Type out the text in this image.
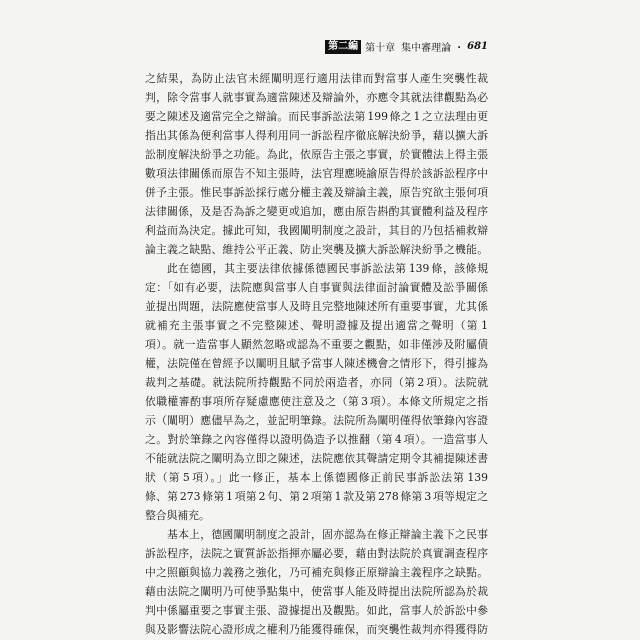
第二編 第十章 集中審理論 ・ 681
之結果，為防止法官未經闡明逕行適用法律而對當事人產生突襲性裁
判，除令當事人就事實為適當陳述及辯論外，亦應令其就法律觀點為必
要之陳述及適當完全之辯論。而民事訴訟法第 199 條之 1 之立法理由更
指出其係為便利當事人得利用同一訴訟程序徹底解決紛爭，藉以擴大訴
訟制度解決紛爭之功能。為此，依原告主張之事實，於實體法上得主張
數項法律關係而原告不知主張時，法官理應曉諭原告得於該訴訟程序中
併予主張。惟民事訴訟採行處分權主義及辯論主義，原告究欲主張何項
法律關係，及是否為訴之變更或追加，應由原告斟酌其實體利益及程序
利益而為決定。據此可知，我國闡明制度之設計，其目的乃包括補救辯
論主義之缺點、維持公平正義、防止突襲及擴大訴訟解決紛爭之機能。
此在德國，其主要法律依據係德國民事訴訟法第 139 條，該條規
定：「如有必要，法院應與當事人自事實與法律面討論實體及訟爭關係
並提出問題，法院應使當事人及時且完整地陳述所有重要事實，尤其係
就補充主張事實之不完整陳述、聲明證據及提出適當之聲明（第 1
項）。就一造當事人顯然忽略或認為不重要之觀點，如非僅涉及附屬債
權，法院僅在曾經予以闡明且賦予當事人陳述機會之情形下，得引據為
裁判之基礎。就法院所持觀點不同於兩造者，亦同（第 2 項）。法院就
依職權審酌事項所存疑慮應使注意及之（第 3 項）。本條文所規定之指
示（闡明）應儘早為之，並記明筆錄。法院所為闡明僅得依筆錄內容證
之。對於筆錄之內容僅得以證明偽造予以推翻（第 4 項）。一造當事人
不能就法院之闡明為立即之陳述，法院應依其聲請定期令其補提陳述書
狀（第 5 項）。」此一修正，基本上係德國修正前民事訴訟法第 139
條、第 273 條第 1 項第 2 句、第 2 項第 1 款及第 278 條第 3 項等規定之
整合與補充。
基本上，德國闡明制度之設計，固亦認為在修正辯論主義下之民事
訴訟程序，法院之實質訴訟指揮亦屬必要，藉由對法院於真實調查程序
中之照顧與協力義務之強化，乃可補充與修正原辯論主義程序之缺點。
藉由法院之闡明乃可使爭點集中，使當事人能及時提出法院所認為於裁
判中係屬重要之事實主張、證據提出及觀點。如此，當事人於訴訟中參
與及影響法院心證形成之權利乃能獲得確保，而突襲性裁判亦得獲得防
